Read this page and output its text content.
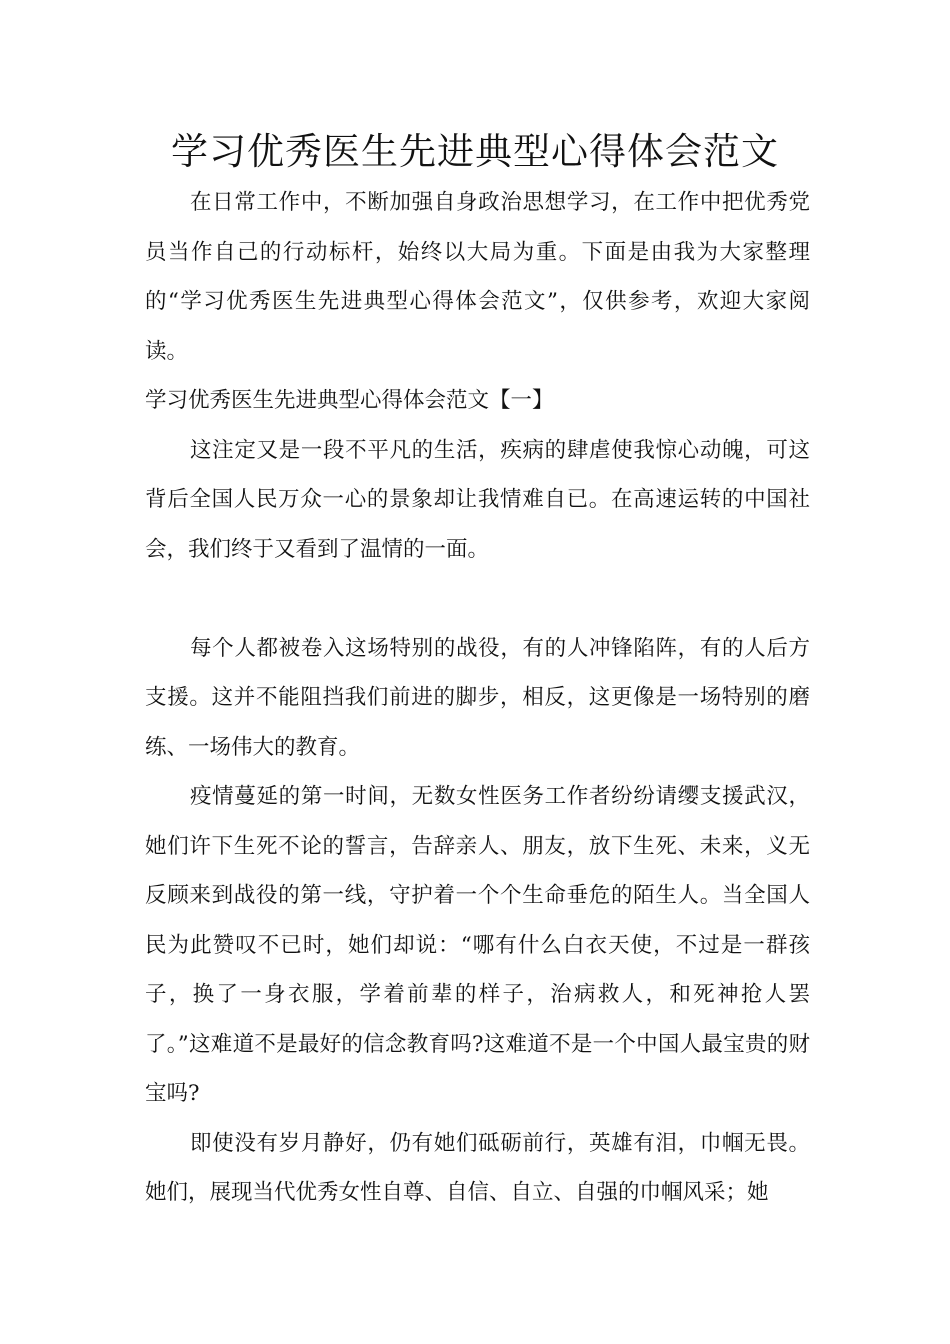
学习优秀医生先进典型心得体会范文

在日常工作中，不断加强自身政治思想学习，在工作中把优秀党员当作自己的行动标杆，始终以大局为重。下面是由我为大家整理的“学习优秀医生先进典型心得体会范文”，仅供参考，欢迎大家阅读。

学习优秀医生先进典型心得体会范文【一】

这注定又是一段不平凡的生活，疾病的肆虐使我惊心动魄，可这背后全国人民万众一心的景象却让我情难自已。在高速运转的中国社会，我们终于又看到了温情的一面。

每个人都被卷入这场特别的战役，有的人冲锋陷阵，有的人后方支援。这并不能阻挡我们前进的脚步，相反，这更像是一场特别的磨练、一场伟大的教育。

疫情蔓延的第一时间，无数女性医务工作者纷纷请缨支援武汉，她们许下生死不论的誓言，告辞亲人、朋友，放下生死、未来，义无反顾来到战役的第一线，守护着一个个生命垂危的陌生人。当全国人民为此赞叹不已时，她们却说：“哪有什么白衣天使，不过是一群孩子，换了一身衣服，学着前辈的样子，治病救人，和死神抢人罢了。”这难道不是最好的信念教育吗?这难道不是一个中国人最宝贵的财宝吗?

即使没有岁月静好，仍有她们砥砺前行，英雄有泪，巾帼无畏。她们，展现当代优秀女性自尊、自信、自立、自强的巾帼风采；她
